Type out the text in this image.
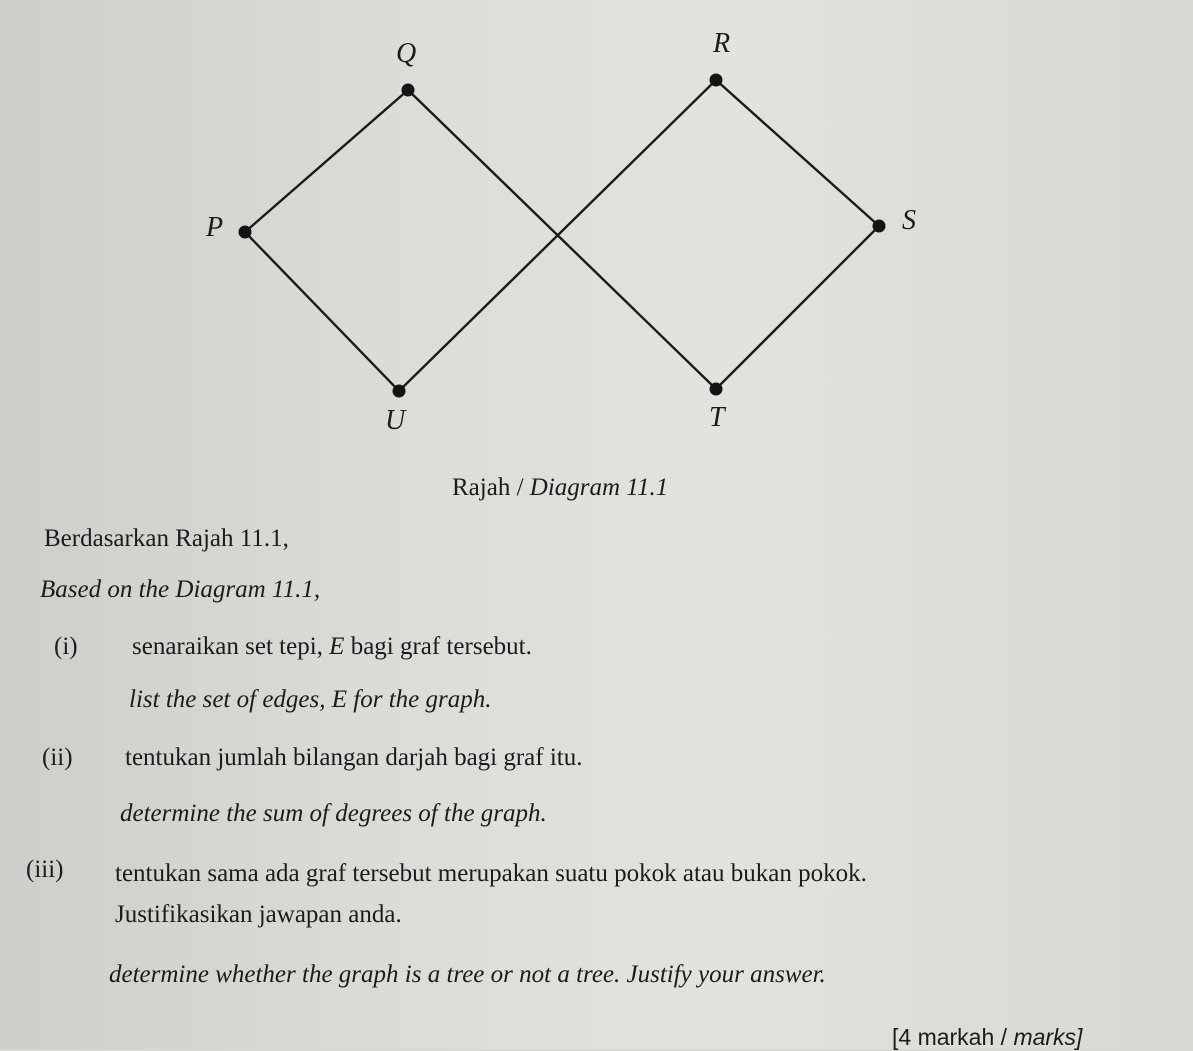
Q	R
P	S
U	T
Rajah / Diagram 11.1
Berdasarkan Rajah 11.1,
Based on the Diagram 11.1,
(i) senaraikan set tepi, E bagi graf tersebut.
list the set of edges, E for the graph.
(ii) tentukan jumlah bilangan darjah bagi graf itu.
determine the sum of degrees of the graph.
(iii) tentukan sama ada graf tersebut merupakan suatu pokok atau bukan pokok.
Justifikasikan jawapan anda.
determine whether the graph is a tree or not a tree. Justify your answer.
[4 markah / marks]
